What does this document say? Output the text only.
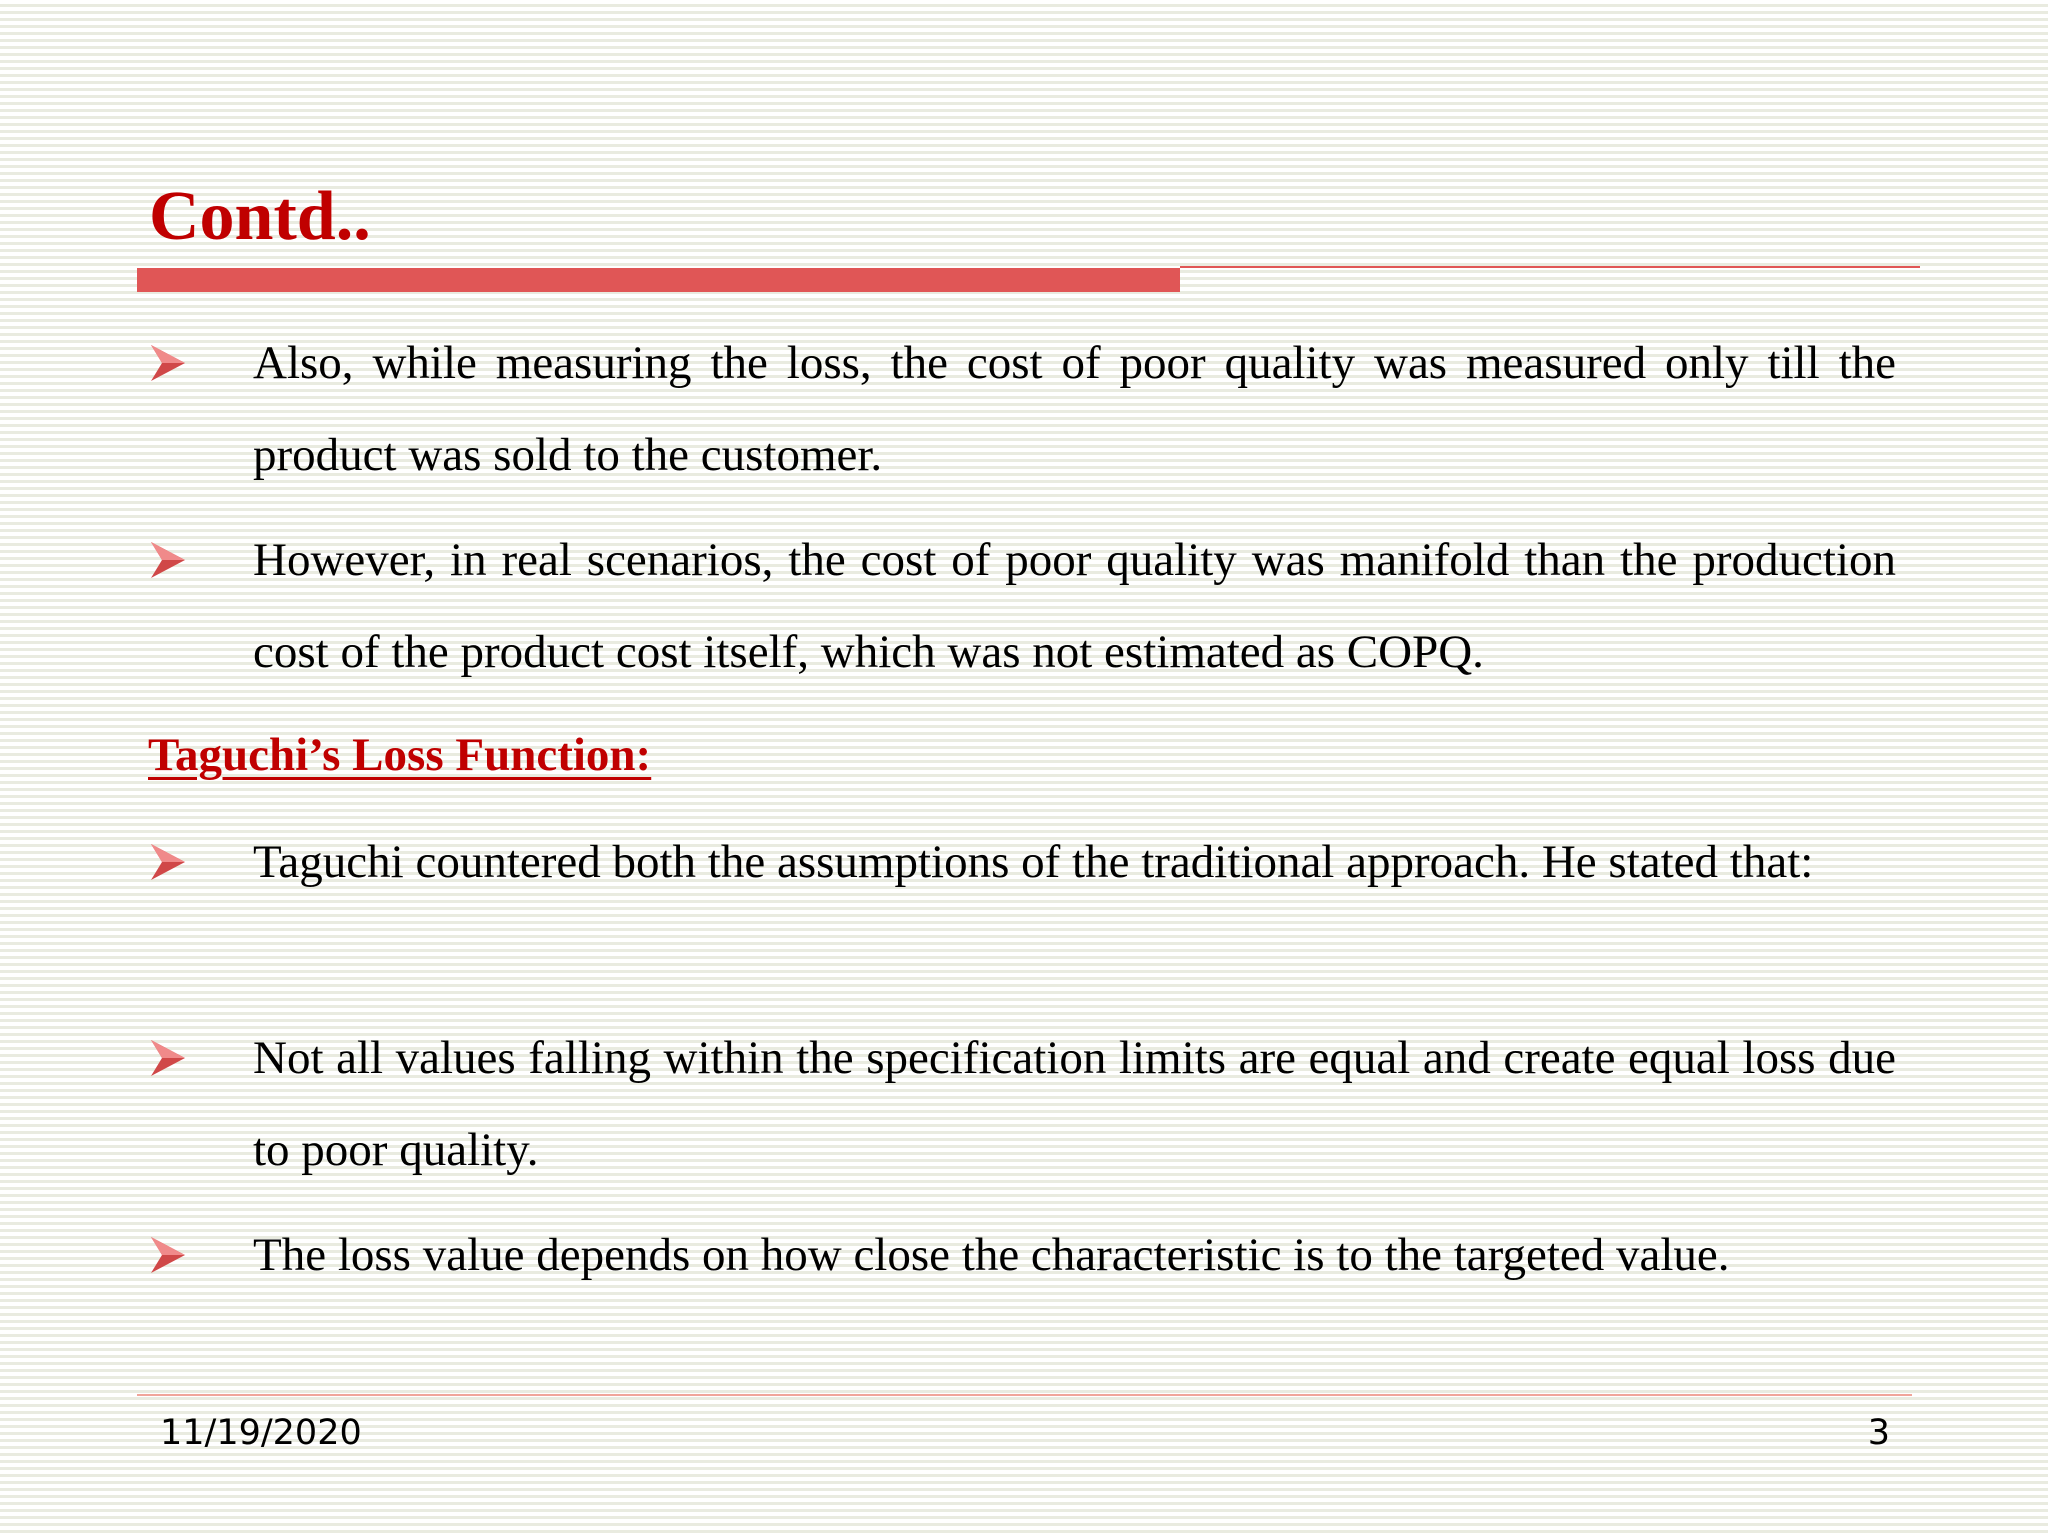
Contd..
Also, while measuring the loss, the cost of poor quality was measured only till the product was sold to the customer.
However, in real scenarios, the cost of poor quality was manifold than the production cost of the product cost itself, which was not estimated as COPQ.
Taguchi’s Loss Function:
Taguchi countered both the assumptions of the traditional approach. He stated that:
Not all values falling within the specification limits are equal and create equal loss due to poor quality.
The loss value depends on how close the characteristic is to the targeted value.
11/19/2020	3
